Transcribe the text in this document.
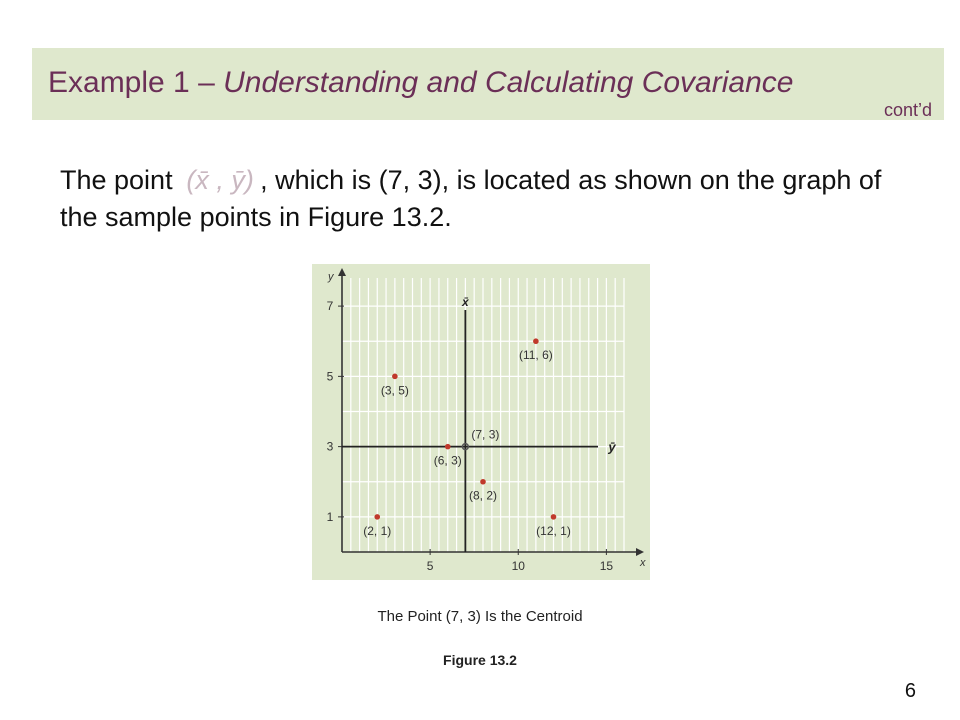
Example 1 – Understanding and Calculating Covariance
cont’d
The point (x̄ , ȳ) , which is (7, 3), is located as shown on the graph of the sample points in Figure 13.2.
x
y
5	10	15
1
3
5
7	x̄
ȳ
(2, 1)
(3, 5)
(6, 3)
(8, 2)
(11, 6)
(12, 1)
(7, 3)
The Point (7, 3) Is the Centroid
Figure 13.2
6
